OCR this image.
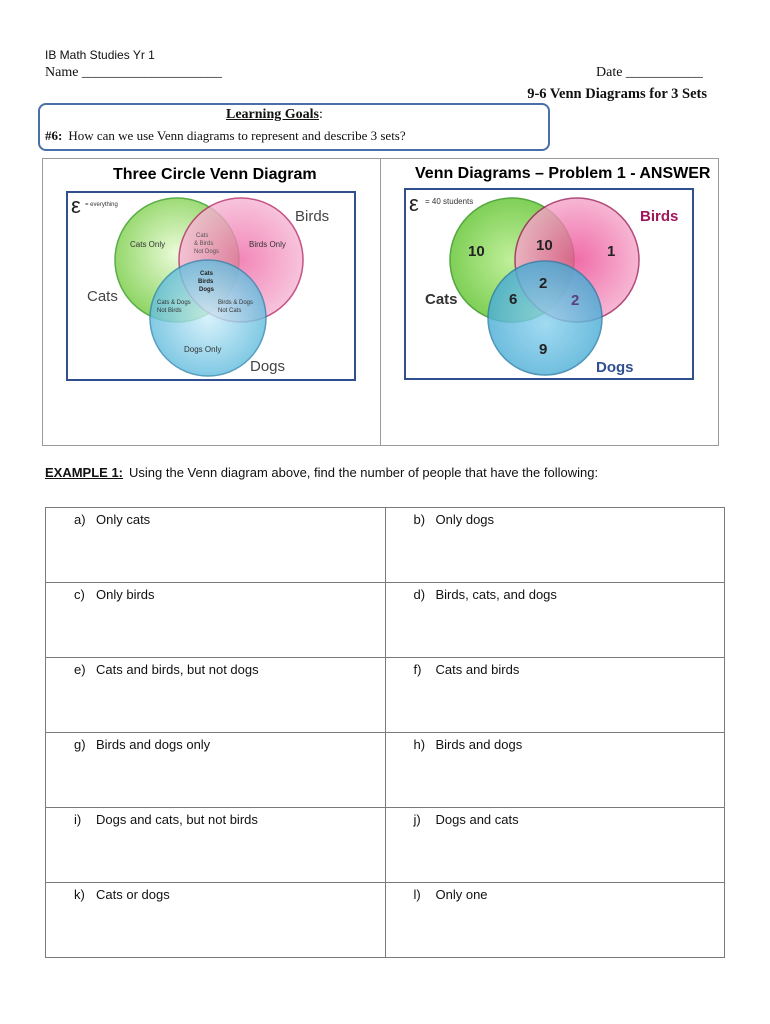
IB Math Studies Yr 1
Name ____________________	Date ___________
9-6 Venn Diagrams for 3 Sets
Learning Goals:
#6: How can we use Venn diagrams to represent and describe 3 sets?
Three Circle Venn Diagram
ε = everything
Cats Only	Birds Only
Dogs Only
Cats
& Birds
Not Dogs
Cats
Birds
Dogs
Cats & Dogs
Not Birds
Birds & Dogs
Not Cats
Cats
Birds
Dogs
Venn Diagrams – Problem 1 - ANSWER
ε = 40 students
10	1
9
10
2
6	2
Cats
Birds
Dogs
EXAMPLE 1: Using the Venn diagram above, find the number of people that have the following:
a) Only cats	b) Only dogs
c) Only birds	d) Birds, cats, and dogs
e) Cats and birds, but not dogs	f) Cats and birds
g) Birds and dogs only	h) Birds and dogs
i) Dogs and cats, but not birds	j) Dogs and cats
k) Cats or dogs	l) Only one
